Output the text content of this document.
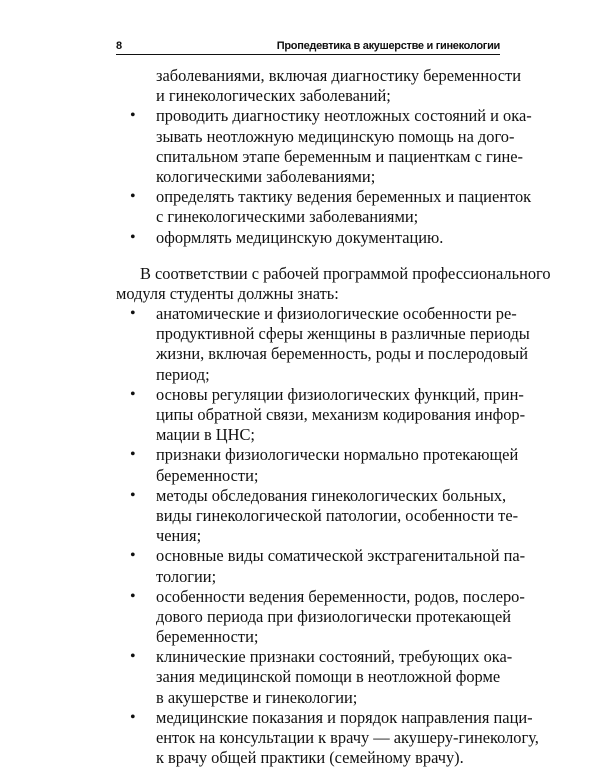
8	Пропедевтика в акушерстве и гинекологии
заболеваниями, включая диагностику беременности
и гинекологических заболеваний;
•	проводить диагностику неотложных состояний и ока-
зывать неотложную медицинскую помощь на дого-
спитальном этапе беременным и пациенткам с гине-
кологическими заболеваниями;
•	определять тактику ведения беременных и пациенток
с гинекологическими заболеваниями;
•	оформлять медицинскую документацию.
В соответствии с рабочей программой профессионального
модуля студенты должны знать:
•	анатомические и физиологические особенности ре-
продуктивной сферы женщины в различные периоды
жизни, включая беременность, роды и послеродовый
период;
•	основы регуляции физиологических функций, прин-
ципы обратной связи, механизм кодирования инфор-
мации в ЦНС;
•	признаки физиологически нормально протекающей
беременности;
•	методы обследования гинекологических больных,
виды гинекологической патологии, особенности те-
чения;
•	основные виды соматической экстрагенитальной па-
тологии;
•	особенности ведения беременности, родов, послеро-
дового периода при физиологически протекающей
беременности;
•	клинические признаки состояний, требующих ока-
зания медицинской помощи в неотложной форме
в акушерстве и гинекологии;
•	медицинские показания и порядок направления паци-
енток на консультации к врачу — акушеру-гинекологу,
к врачу общей практики (семейному врачу).
